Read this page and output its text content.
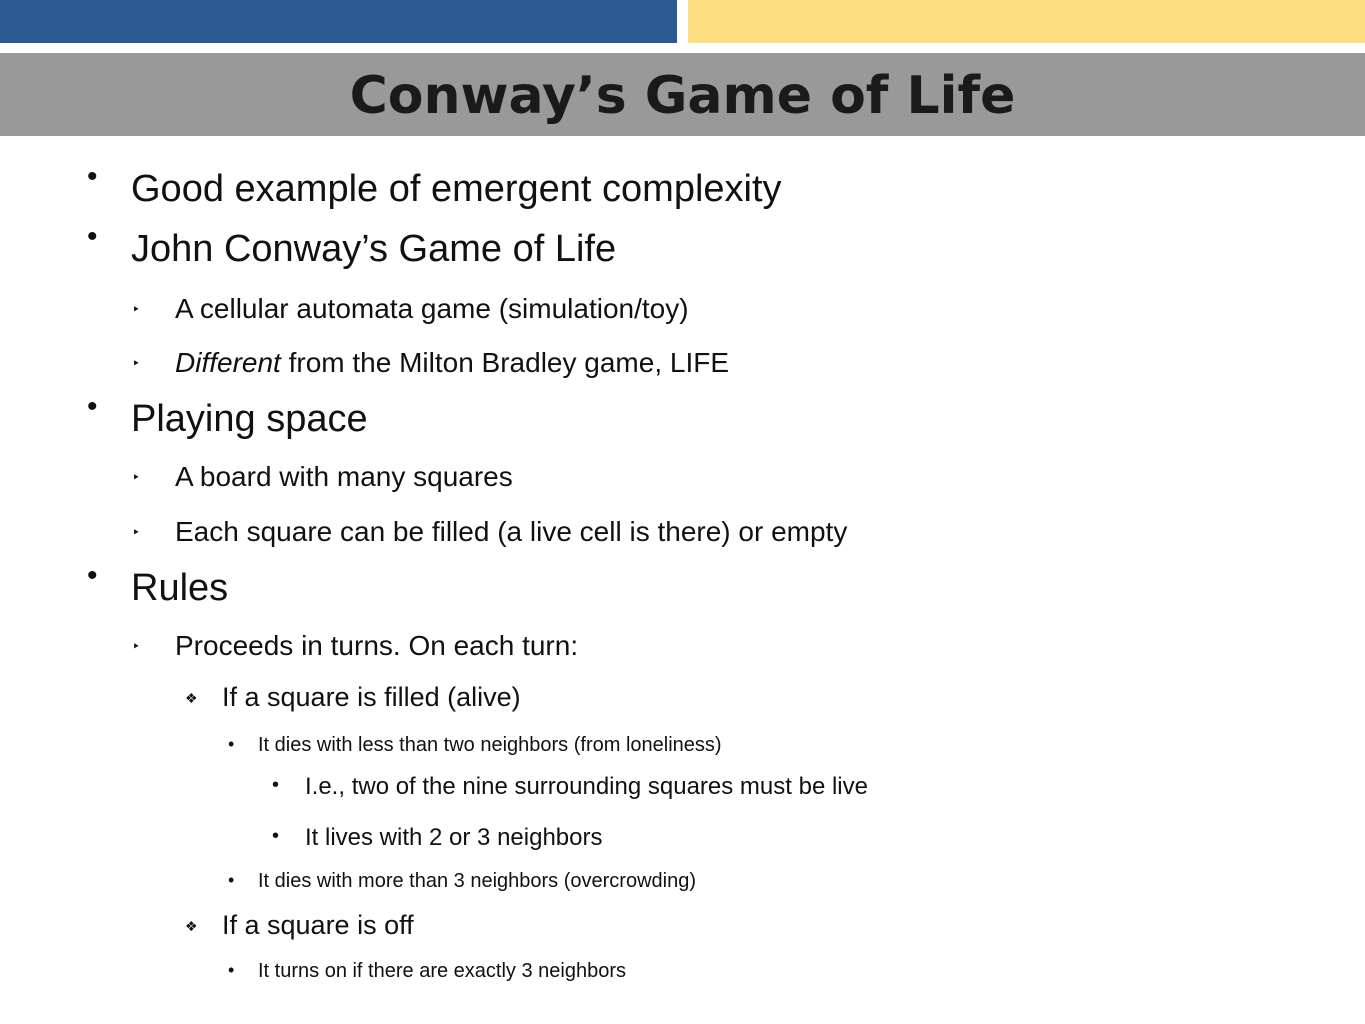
Conway’s Game of Life
• Good example of emergent complexity
• John Conway’s Game of Life
‣ A cellular automata game (simulation/toy)
‣ Different from the Milton Bradley game, LIFE
• Playing space
‣ A board with many squares
‣ Each square can be filled (a live cell is there) or empty
• Rules
‣ Proceeds in turns. On each turn:
❖ If a square is filled (alive)
• It dies with less than two neighbors (from loneliness)
• I.e., two of the nine surrounding squares must be live
• It lives with 2 or 3 neighbors
• It dies with more than 3 neighbors (overcrowding)
❖ If a square is off
• It turns on if there are exactly 3 neighbors
